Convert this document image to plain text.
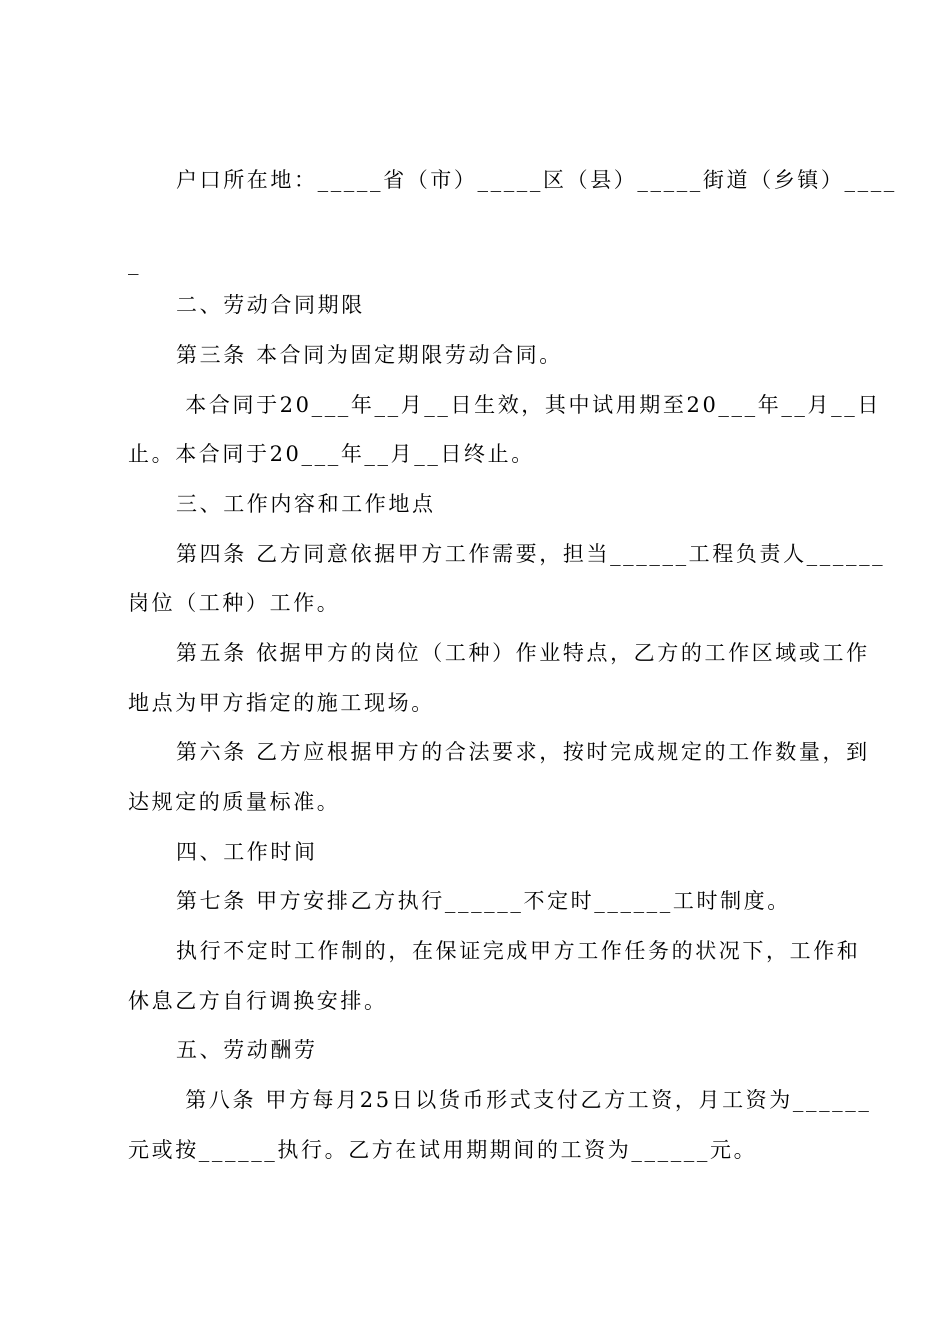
户口所在地：_____省（市）_____区（县）_____街道（乡镇）____
_
二、劳动合同期限
第三条 本合同为固定期限劳动合同。
本合同于20___年__月__日生效，其中试用期至20___年__月__日
止。本合同于20___年__月__日终止。
三、工作内容和工作地点
第四条 乙方同意依据甲方工作需要，担当______工程负责人______
岗位（工种）工作。
第五条 依据甲方的岗位（工种）作业特点，乙方的工作区域或工作
地点为甲方指定的施工现场。
第六条 乙方应根据甲方的合法要求，按时完成规定的工作数量，到
达规定的质量标准。
四、工作时间
第七条 甲方安排乙方执行______不定时______工时制度。
执行不定时工作制的，在保证完成甲方工作任务的状况下，工作和
休息乙方自行调换安排。
五、劳动酬劳
第八条 甲方每月25日以货币形式支付乙方工资，月工资为______
元或按______执行。乙方在试用期期间的工资为______元。
